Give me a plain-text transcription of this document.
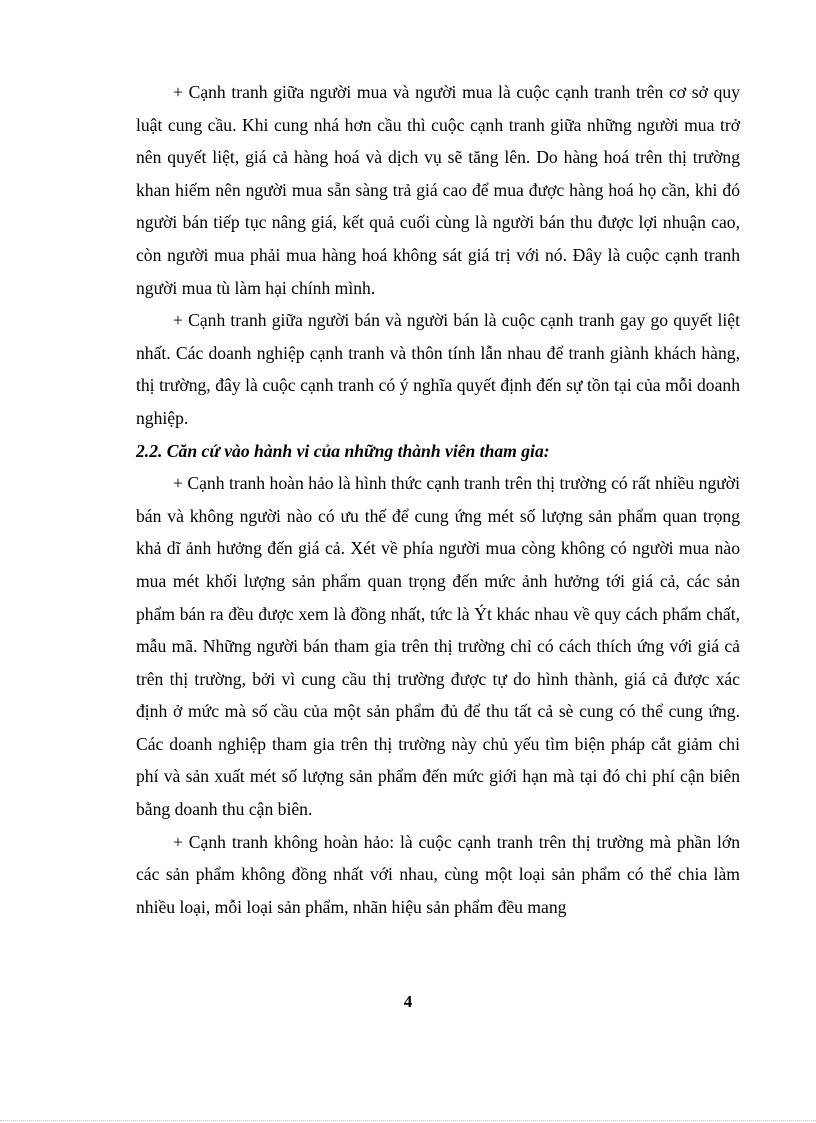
+ Cạnh tranh giữa người mua và người mua là cuộc cạnh tranh trên cơ sở quy luật cung cầu. Khi cung nhá hơn cầu thì cuộc cạnh tranh giữa những người mua trở nên quyết liệt, giá cả hàng hoá và dịch vụ sẽ tăng lên. Do hàng hoá trên thị trường khan hiếm nên người mua sẵn sàng trả giá cao để mua được hàng hoá họ cần, khi đó người bán tiếp tục nâng giá, kết quả cuối cùng là người bán thu được lợi nhuận cao, còn người mua phải mua hàng hoá không sát giá trị với nó. Đây là cuộc cạnh tranh người mua tù làm hại chính mình.

+ Cạnh tranh giữa người bán và người bán là cuộc cạnh tranh gay go quyết liệt nhất. Các doanh nghiệp cạnh tranh và thôn tính lẫn nhau để tranh giành khách hàng, thị trường, đây là cuộc cạnh tranh có ý nghĩa quyết định đến sự tồn tại của mỗi doanh nghiệp.

2.2. Căn cứ vào hành vi của những thành viên tham gia:

+ Cạnh tranh hoàn hảo là hình thức cạnh tranh trên thị trường có rất nhiều người bán và không người nào có ưu thế để cung ứng mét số lượng sản phẩm quan trọng khả dĩ ảnh hưởng đến giá cả. Xét về phía người mua còng không có người mua nào mua mét khối lượng sản phẩm quan trọng đến mức ảnh hưởng tới giá cả, các sản phẩm bán ra đều được xem là đồng nhất, tức là Ýt khác nhau về quy cách phẩm chất, mẫu mã. Những người bán tham gia trên thị trường chỉ có cách thích ứng với giá cả trên thị trường, bởi vì cung cầu thị trường được tự do hình thành, giá cả được xác định ở mức mà số cầu của một sản phẩm đủ để thu tất cả sè cung có thể cung ứng. Các doanh nghiệp tham gia trên thị trường này chủ yếu tìm biện pháp cắt giảm chi phí và sản xuất mét số lượng sản phẩm đến mức giới hạn mà tại đó chi phí cận biên bằng doanh thu cận biên.

+ Cạnh tranh không hoàn hảo: là cuộc cạnh tranh trên thị trường mà phần lớn các sản phẩm không đồng nhất với nhau, cùng một loại sản phẩm có thể chia làm nhiều loại, mỗi loại sản phẩm, nhãn hiệu sản phẩm đều mang

4
